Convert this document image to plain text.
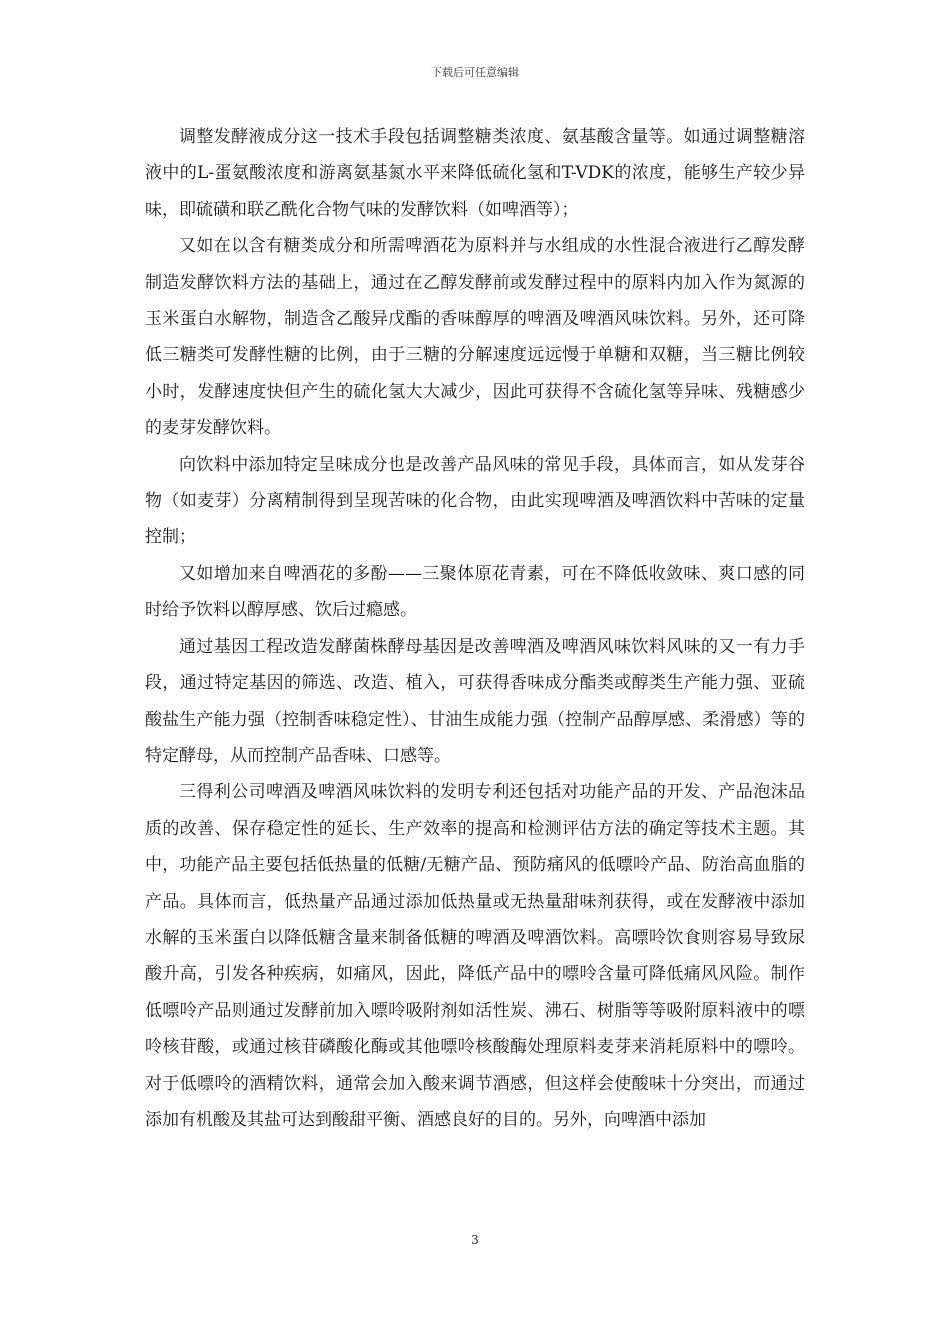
下载后可任意编辑

调整发酵液成分这一技术手段包括调整糖类浓度、氨基酸含量等。如通过调整糖溶液中的L-蛋氨酸浓度和游离氨基氮水平来降低硫化氢和T-VDK的浓度，能够生产较少异味，即硫磺和联乙酰化合物气味的发酵饮料（如啤酒等）；

又如在以含有糖类成分和所需啤酒花为原料并与水组成的水性混合液进行乙醇发酵制造发酵饮料方法的基础上，通过在乙醇发酵前或发酵过程中的原料内加入作为氮源的玉米蛋白水解物，制造含乙酸异戊酯的香味醇厚的啤酒及啤酒风味饮料。另外，还可降低三糖类可发酵性糖的比例，由于三糖的分解速度远远慢于单糖和双糖，当三糖比例较小时，发酵速度快但产生的硫化氢大大减少，因此可获得不含硫化氢等异味、残糖感少的麦芽发酵饮料。

向饮料中添加特定呈味成分也是改善产品风味的常见手段，具体而言，如从发芽谷物（如麦芽）分离精制得到呈现苦味的化合物，由此实现啤酒及啤酒饮料中苦味的定量控制；

又如增加来自啤酒花的多酚——三聚体原花青素，可在不降低收敛味、爽口感的同时给予饮料以醇厚感、饮后过瘾感。

通过基因工程改造发酵菌株酵母基因是改善啤酒及啤酒风味饮料风味的又一有力手段，通过特定基因的筛选、改造、植入，可获得香味成分酯类或醇类生产能力强、亚硫酸盐生产能力强（控制香味稳定性）、甘油生成能力强（控制产品醇厚感、柔滑感）等的特定酵母，从而控制产品香味、口感等。

三得利公司啤酒及啤酒风味饮料的发明专利还包括对功能产品的开发、产品泡沫品质的改善、保存稳定性的延长、生产效率的提高和检测评估方法的确定等技术主题。其中，功能产品主要包括低热量的低糖/无糖产品、预防痛风的低嘌呤产品、防治高血脂的产品。具体而言，低热量产品通过添加低热量或无热量甜味剂获得，或在发酵液中添加水解的玉米蛋白以降低糖含量来制备低糖的啤酒及啤酒饮料。高嘌呤饮食则容易导致尿酸升高，引发各种疾病，如痛风，因此，降低产品中的嘌呤含量可降低痛风风险。制作低嘌呤产品则通过发酵前加入嘌呤吸附剂如活性炭、沸石、树脂等等吸附原料液中的嘌呤核苷酸，或通过核苷磷酸化酶或其他嘌呤核酸酶处理原料麦芽来消耗原料中的嘌呤。对于低嘌呤的酒精饮料，通常会加入酸来调节酒感，但这样会使酸味十分突出，而通过添加有机酸及其盐可达到酸甜平衡、酒感良好的目的。另外，向啤酒中添加

3
